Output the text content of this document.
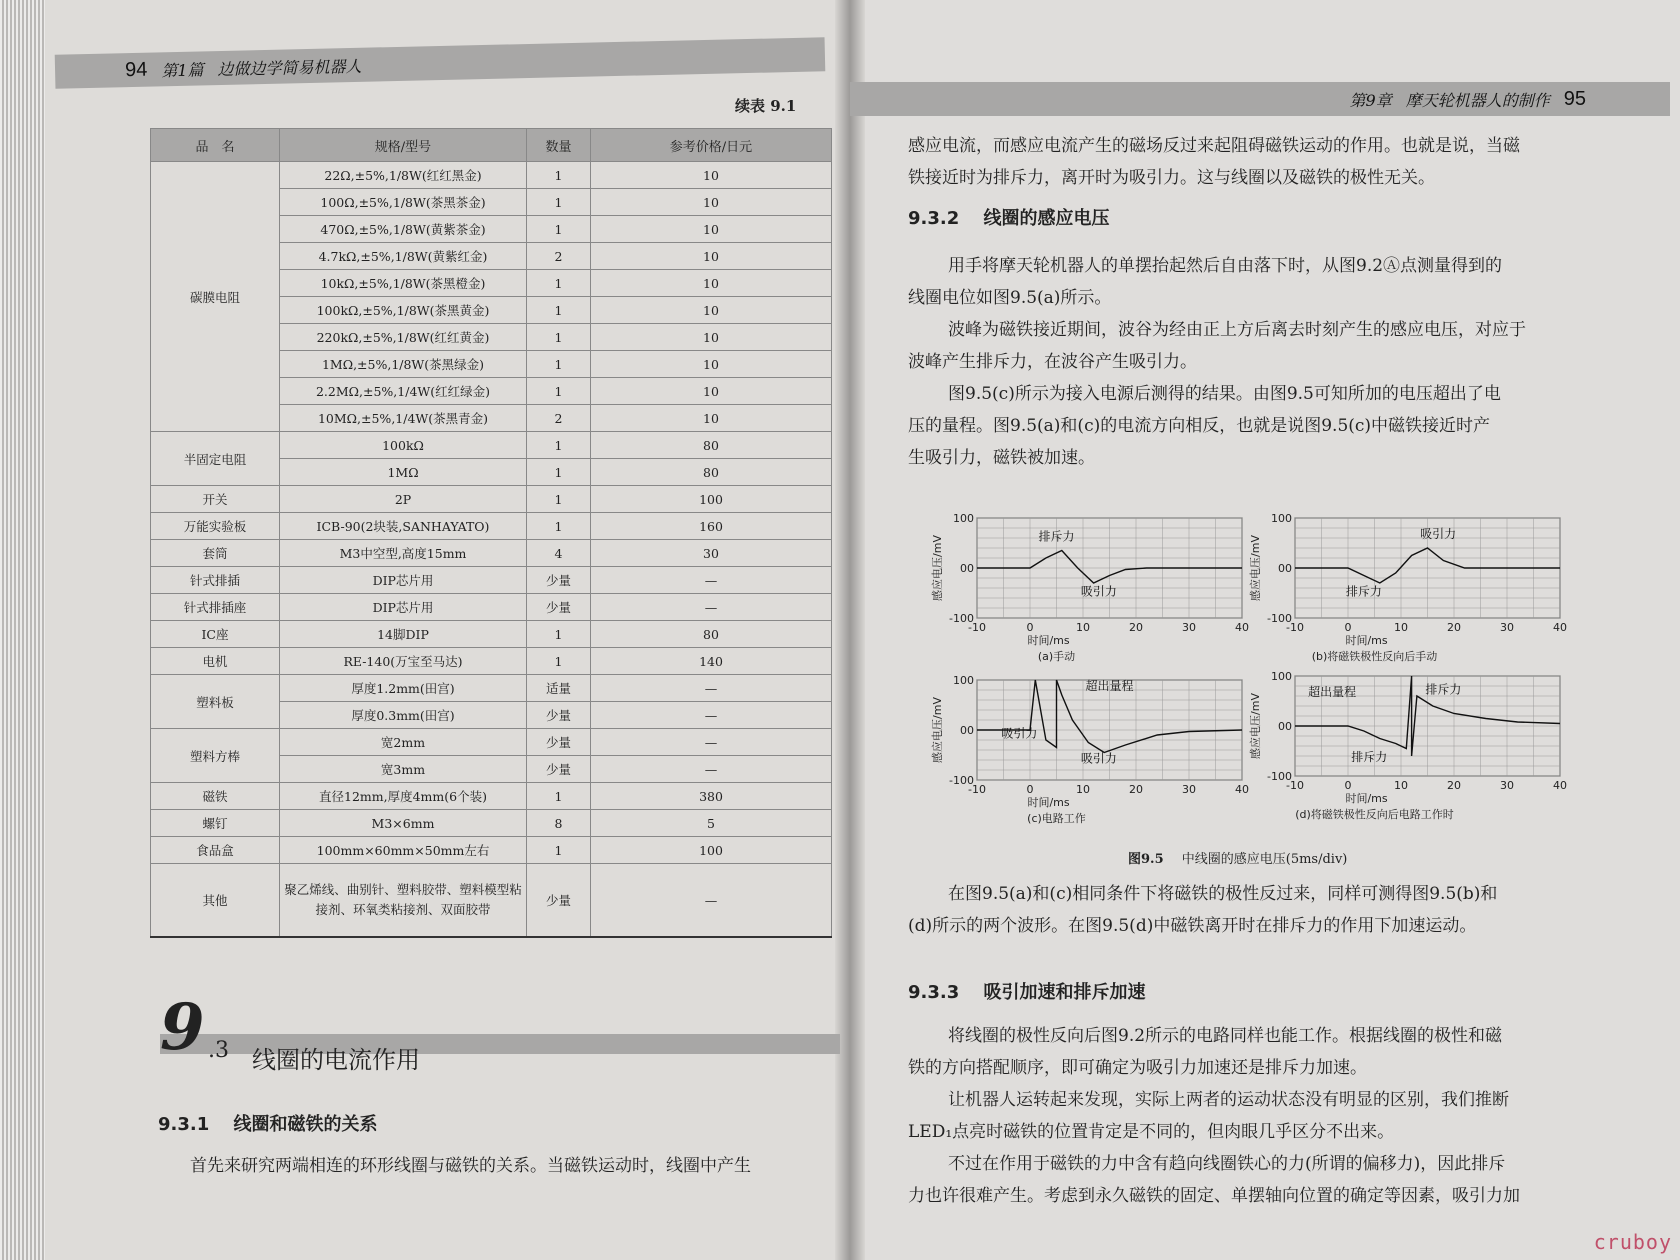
94 第1篇 边做边学简易机器人
续表 9.1
品　名	规格/型号	数量	参考价格/日元
碳膜电阻	22Ω,±5%,1/8W(红红黑金)	1	10
	100Ω,±5%,1/8W(茶黑茶金)	1	10
	470Ω,±5%,1/8W(黄紫茶金)	1	10
	4.7kΩ,±5%,1/8W(黄紫红金)	2	10
	10kΩ,±5%,1/8W(茶黑橙金)	1	10
	100kΩ,±5%,1/8W(茶黑黄金)	1	10
	220kΩ,±5%,1/8W(红红黄金)	1	10
	1MΩ,±5%,1/8W(茶黑绿金)	1	10
	2.2MΩ,±5%,1/4W(红红绿金)	1	10
	10MΩ,±5%,1/4W(茶黑青金)	2	10
半固定电阻	100kΩ	1	80
	1MΩ	1	80
开关	2P	1	100
万能实验板	ICB-90(2块装,SANHAYATO)	1	160
套筒	M3中空型,高度15mm	4	30
针式排插	DIP芯片用	少量	—
针式排插座	DIP芯片用	少量	—
IC座	14脚DIP	1	80
电机	RE-140(万宝至马达)	1	140
塑料板	厚度1.2mm(田宫)	适量	—
	厚度0.3mm(田宫)	少量	—
塑料方棒	宽2mm	少量	—
	宽3mm	少量	—
磁铁	直径12mm,厚度4mm(6个装)	1	380
螺钉	M3×6mm	8	5
食品盒	100mm×60mm×50mm左右	1	100
其他	聚乙烯线、曲别针、塑料胶带、塑料模型粘接剂、环氧类粘接剂、双面胶带	少量	—
9 .3 线圈的电流作用
9.3.1 线圈和磁铁的关系
首先来研究两端相连的环形线圈与磁铁的关系。当磁铁运动时，线圈中产生
第9章 摩天轮机器人的制作 95
感应电流，而感应电流产生的磁场反过来起阻碍磁铁运动的作用。也就是说，当磁
铁接近时为排斥力，离开时为吸引力。这与线圈以及磁铁的极性无关。
9.3.2 线圈的感应电压
用手将摩天轮机器人的单摆抬起然后自由落下时，从图9.2Ⓐ点测量得到的
线圈电位如图9.5(a)所示。
波峰为磁铁接近期间，波谷为经由正上方后离去时刻产生的感应电压，对应于
波峰产生排斥力，在波谷产生吸引力。
图9.5(c)所示为接入电源后测得的结果。由图9.5可知所加的电压超出了电
压的量程。图9.5(a)和(c)的电流方向相反，也就是说图9.5(c)中磁铁接近时产
生吸引力，磁铁被加速。
-10	0	10	20	30	40
-100
00
100
时间/ms
感应电压/mV	排斥力
吸引力
(a)手动
-10	0	10	20	30	40
-100
00
100
时间/ms
感应电压/mV
吸引力
排斥力
(b)将磁铁极性反向后手动
-10	0	10	20	30	40
-100
00
100
时间/ms
感应电压/mV
超出量程
吸引力
吸引力
(c)电路工作
-10	0	10	20	30	40
-100
00
100
时间/ms
感应电压/mV
超出量程	排斥力
排斥力
(d)将磁铁极性反向后电路工作时
图9.5 中线圈的感应电压(5ms/div)
在图9.5(a)和(c)相同条件下将磁铁的极性反过来，同样可测得图9.5(b)和
(d)所示的两个波形。在图9.5(d)中磁铁离开时在排斥力的作用下加速运动。
9.3.3 吸引加速和排斥加速
将线圈的极性反向后图9.2所示的电路同样也能工作。根据线圈的极性和磁
铁的方向搭配顺序，即可确定为吸引力加速还是排斥力加速。
让机器人运转起来发现，实际上两者的运动状态没有明显的区别，我们推断
LED₁点亮时磁铁的位置肯定是不同的，但肉眼几乎区分不出来。
不过在作用于磁铁的力中含有趋向线圈铁心的力(所谓的偏移力)，因此排斥
力也许很难产生。考虑到永久磁铁的固定、单摆轴向位置的确定等因素，吸引力加
cruboy
